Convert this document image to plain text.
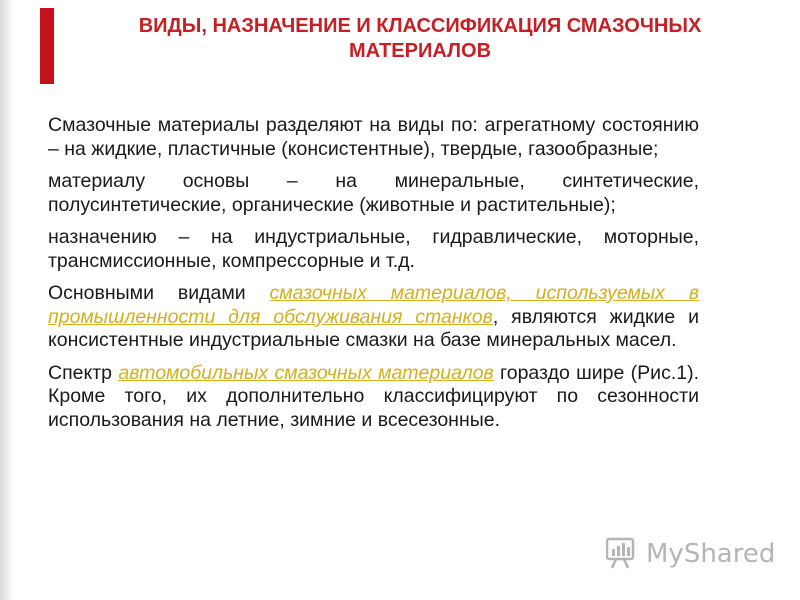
ВИДЫ, НАЗНАЧЕНИЕ И КЛАССИФИКАЦИЯ СМАЗОЧНЫХ МАТЕРИАЛОВ

Смазочные материалы разделяют на виды по: агрегатному состоянию – на жидкие, пластичные (консистентные), твердые, газообразные;

материалу основы – на минеральные, синтетические, полусинтетические, органические (животные и растительные);

назначению – на индустриальные, гидравлические, моторные, трансмиссионные, компрессорные и т.д.

Основными видами смазочных материалов, используемых в промышленности для обслуживания станков, являются жидкие и консистентные индустриальные смазки на базе минеральных масел.

Спектр автомобильных смазочных материалов гораздо шире (Рис.1). Кроме того, их дополнительно классифицируют по сезонности использования на летние, зимние и всесезонные.

MyShared
